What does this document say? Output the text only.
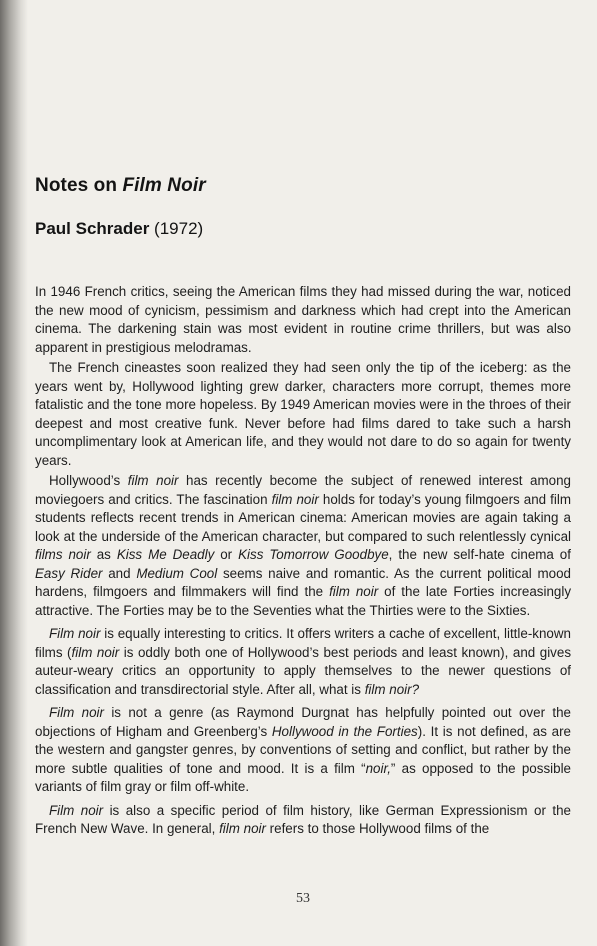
Notes on Film Noir

Paul Schrader (1972)

In 1946 French critics, seeing the American films they had missed during the war, noticed the new mood of cynicism, pessimism and darkness which had crept into the American cinema. The darkening stain was most evident in routine crime thrillers, but was also apparent in prestigious melodramas.

The French cineastes soon realized they had seen only the tip of the iceberg: as the years went by, Hollywood lighting grew darker, characters more corrupt, themes more fatalistic and the tone more hopeless. By 1949 American movies were in the throes of their deepest and most creative funk. Never before had films dared to take such a harsh uncomplimentary look at American life, and they would not dare to do so again for twenty years.

Hollywood’s film noir has recently become the subject of renewed interest among moviegoers and critics. The fascination film noir holds for today’s young filmgoers and film students reflects recent trends in American cinema: American movies are again taking a look at the underside of the American character, but compared to such relentlessly cynical films noir as Kiss Me Deadly or Kiss Tomorrow Goodbye, the new self-hate cinema of Easy Rider and Medium Cool seems naive and romantic. As the current political mood hardens, filmgoers and filmmakers will find the film noir of the late Forties increasingly attractive. The Forties may be to the Seventies what the Thirties were to the Sixties.

Film noir is equally interesting to critics. It offers writers a cache of excellent, little-known films (film noir is oddly both one of Hollywood’s best periods and least known), and gives auteur-weary critics an opportunity to apply themselves to the newer questions of classification and transdirectorial style. After all, what is film noir?

Film noir is not a genre (as Raymond Durgnat has helpfully pointed out over the objections of Higham and Greenberg’s Hollywood in the Forties). It is not defined, as are the western and gangster genres, by conventions of setting and conflict, but rather by the more subtle qualities of tone and mood. It is a film “noir,” as opposed to the possible variants of film gray or film off-white.

Film noir is also a specific period of film history, like German Expressionism or the French New Wave. In general, film noir refers to those Hollywood films of the

53
